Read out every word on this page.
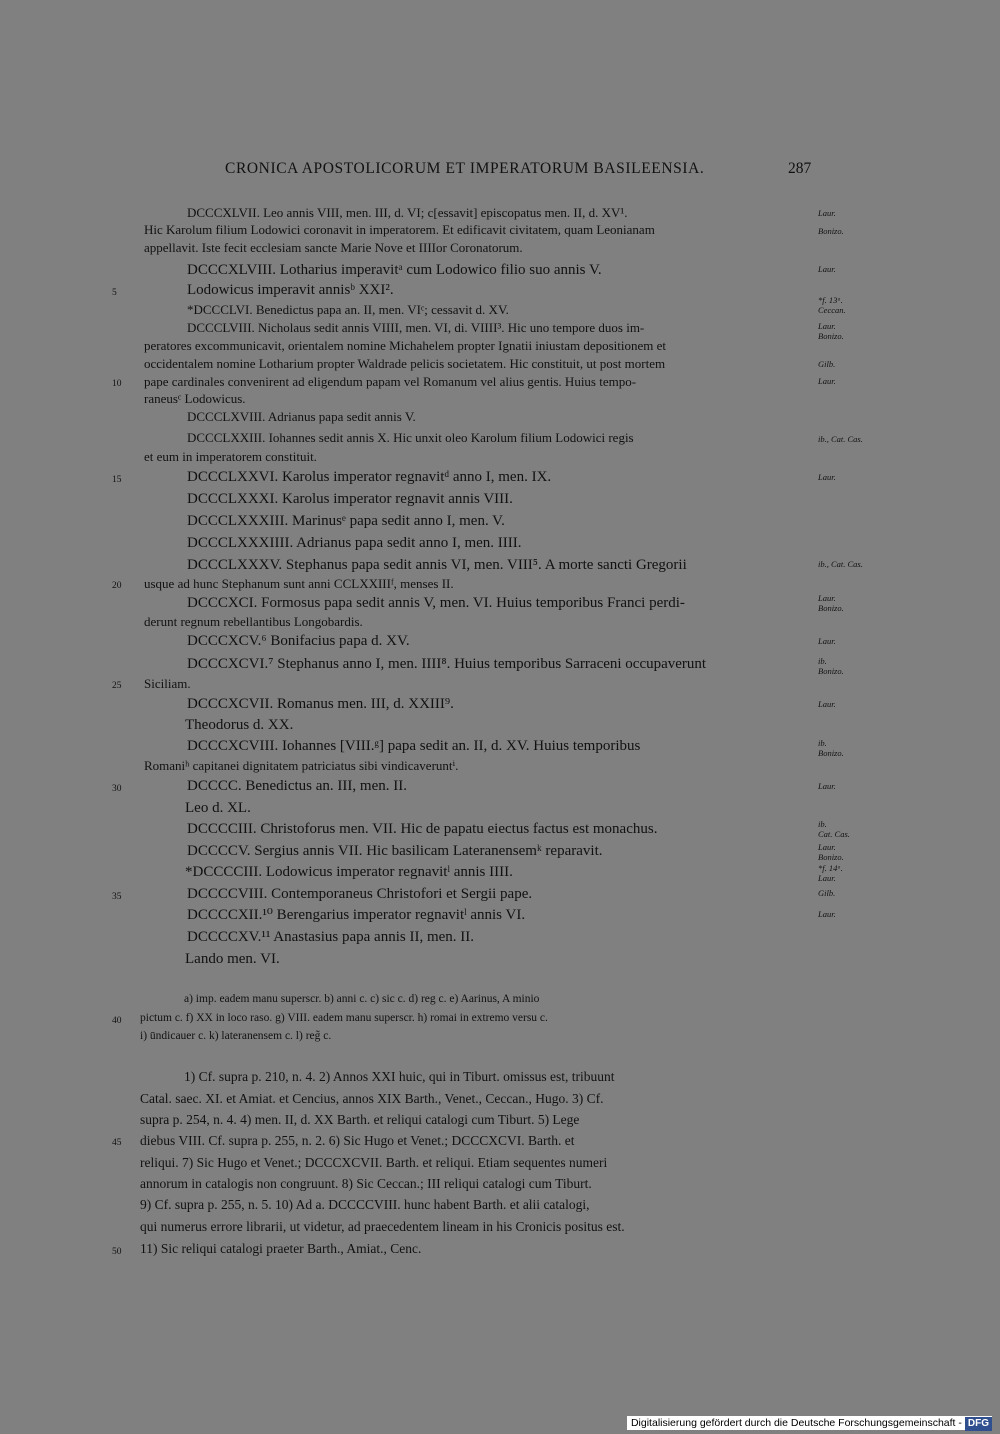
CRONICA APOSTOLICORUM ET IMPERATORUM BASILEENSIA.	287
DCCCXLVII. Leo annis VIII, men. III, d. VI; c[essavit] episcopatus men. II, d. XV¹.
Hic Karolum filium Lodowici coronavit in imperatorem. Et edificavit civitatem, quam Leonianam
appellavit. Iste fecit ecclesiam sancte Marie Nove et IIIIor Coronatorum.
DCCCXLVIII. Lotharius imperavitᵃ cum Lodowico filio suo annis V.
Lodowicus imperavit annisᵇ XXI².
*DCCCLVI. Benedictus papa an. II, men. VIᶜ; cessavit d. XV.
DCCCLVIII. Nicholaus sedit annis VIIII, men. VI, di. VIIII³. Hic uno tempore duos im-
peratores excommunicavit, orientalem nomine Michahelem propter Ignatii iniustam depositionem et
occidentalem nomine Lotharium propter Waldrade pelicis societatem. Hic constituit, ut post mortem
pape cardinales convenirent ad eligendum papam vel Romanum vel alius gentis. Huius tempo-
raneusᶜ Lodowicus.
DCCCLXVIII. Adrianus papa sedit annis V.
DCCCLXXIII. Iohannes sedit annis X. Hic unxit oleo Karolum filium Lodowici regis
et eum in imperatorem constituit.
DCCCLXXVI. Karolus imperator regnavitᵈ anno I, men. IX.
DCCCLXXXI. Karolus imperator regnavit annis VIII.
DCCCLXXXIII. Marinusᵉ papa sedit anno I, men. V.
DCCCLXXXIIII. Adrianus papa sedit anno I, men. IIII.
DCCCLXXXV. Stephanus papa sedit annis VI, men. VIII⁵. A morte sancti Gregorii
usque ad hunc Stephanum sunt anni CCLXXIIIᶠ, menses II.
DCCCXCI. Formosus papa sedit annis V, men. VI. Huius temporibus Franci perdi-
derunt regnum rebellantibus Longobardis.
DCCCXCV.⁶ Bonifacius papa d. XV.
DCCCXCVI.⁷ Stephanus anno I, men. IIII⁸. Huius temporibus Sarraceni occupaverunt
Siciliam.
DCCCXCVII. Romanus men. III, d. XXIII⁹.
Theodorus d. XX.
DCCCXCVIII. Iohannes [VIII.ᵍ] papa sedit an. II, d. XV. Huius temporibus
Romaniʰ capitanei dignitatem patriciatus sibi vindicaveruntⁱ.
DCCCC. Benedictus an. III, men. II.
Leo d. XL.
DCCCCIII. Christoforus men. VII. Hic de papatu eiectus factus est monachus.
DCCCCV. Sergius annis VII. Hic basilicam Lateranensemᵏ reparavit.
*DCCCCIII. Lodowicus imperator regnavitˡ annis IIII.
DCCCCVIII. Contemporaneus Christofori et Sergii pape.
DCCCCXII.¹⁰ Berengarius imperator regnavitˡ annis VI.
DCCCCXV.¹¹ Anastasius papa annis II, men. II.
Lando men. VI.
5
10
15
20
25
30
35
40
45
50
Laur.
Bonizo.
Laur.
*f. 13ᵃ.
Ceccan.
Laur.
Bonizo.
Gilb.
Laur.
ib., Cat. Cas.
Laur.
ib., Cat. Cas.
Laur.
Bonizo.
Laur.
ib.
Bonizo.
Laur.
ib.
Bonizo.
Laur.
ib.
Cat. Cas.
Laur.
Bonizo.
*f. 14ᵃ.
Laur.
Gilb.
Laur.
a) imp. eadem manu superscr. b) anni c. c) sic c. d) reg c. e) Aarinus, A minio
pictum c. f) XX in loco raso. g) VIII. eadem manu superscr. h) romai in extremo versu c.
i) ūndicauer c. k) lateranensem c. l) reg̃ c.
1) Cf. supra p. 210, n. 4. 2) Annos XXI huic, qui in Tiburt. omissus est, tribuunt
Catal. saec. XI. et Amiat. et Cencius, annos XIX Barth., Venet., Ceccan., Hugo. 3) Cf.
supra p. 254, n. 4. 4) men. II, d. XX Barth. et reliqui catalogi cum Tiburt. 5) Lege
diebus VIII. Cf. supra p. 255, n. 2. 6) Sic Hugo et Venet.; DCCCXCVI. Barth. et
reliqui. 7) Sic Hugo et Venet.; DCCCXCVII. Barth. et reliqui. Etiam sequentes numeri
annorum in catalogis non congruunt. 8) Sic Ceccan.; III reliqui catalogi cum Tiburt.
9) Cf. supra p. 255, n. 5. 10) Ad a. DCCCCVIII. hunc habent Barth. et alii catalogi,
qui numerus errore librarii, ut videtur, ad praecedentem lineam in his Cronicis positus est.
11) Sic reliqui catalogi praeter Barth., Amiat., Cenc.
Digitalisierung gefördert durch die Deutsche Forschungsgemeinschaft - DFG
